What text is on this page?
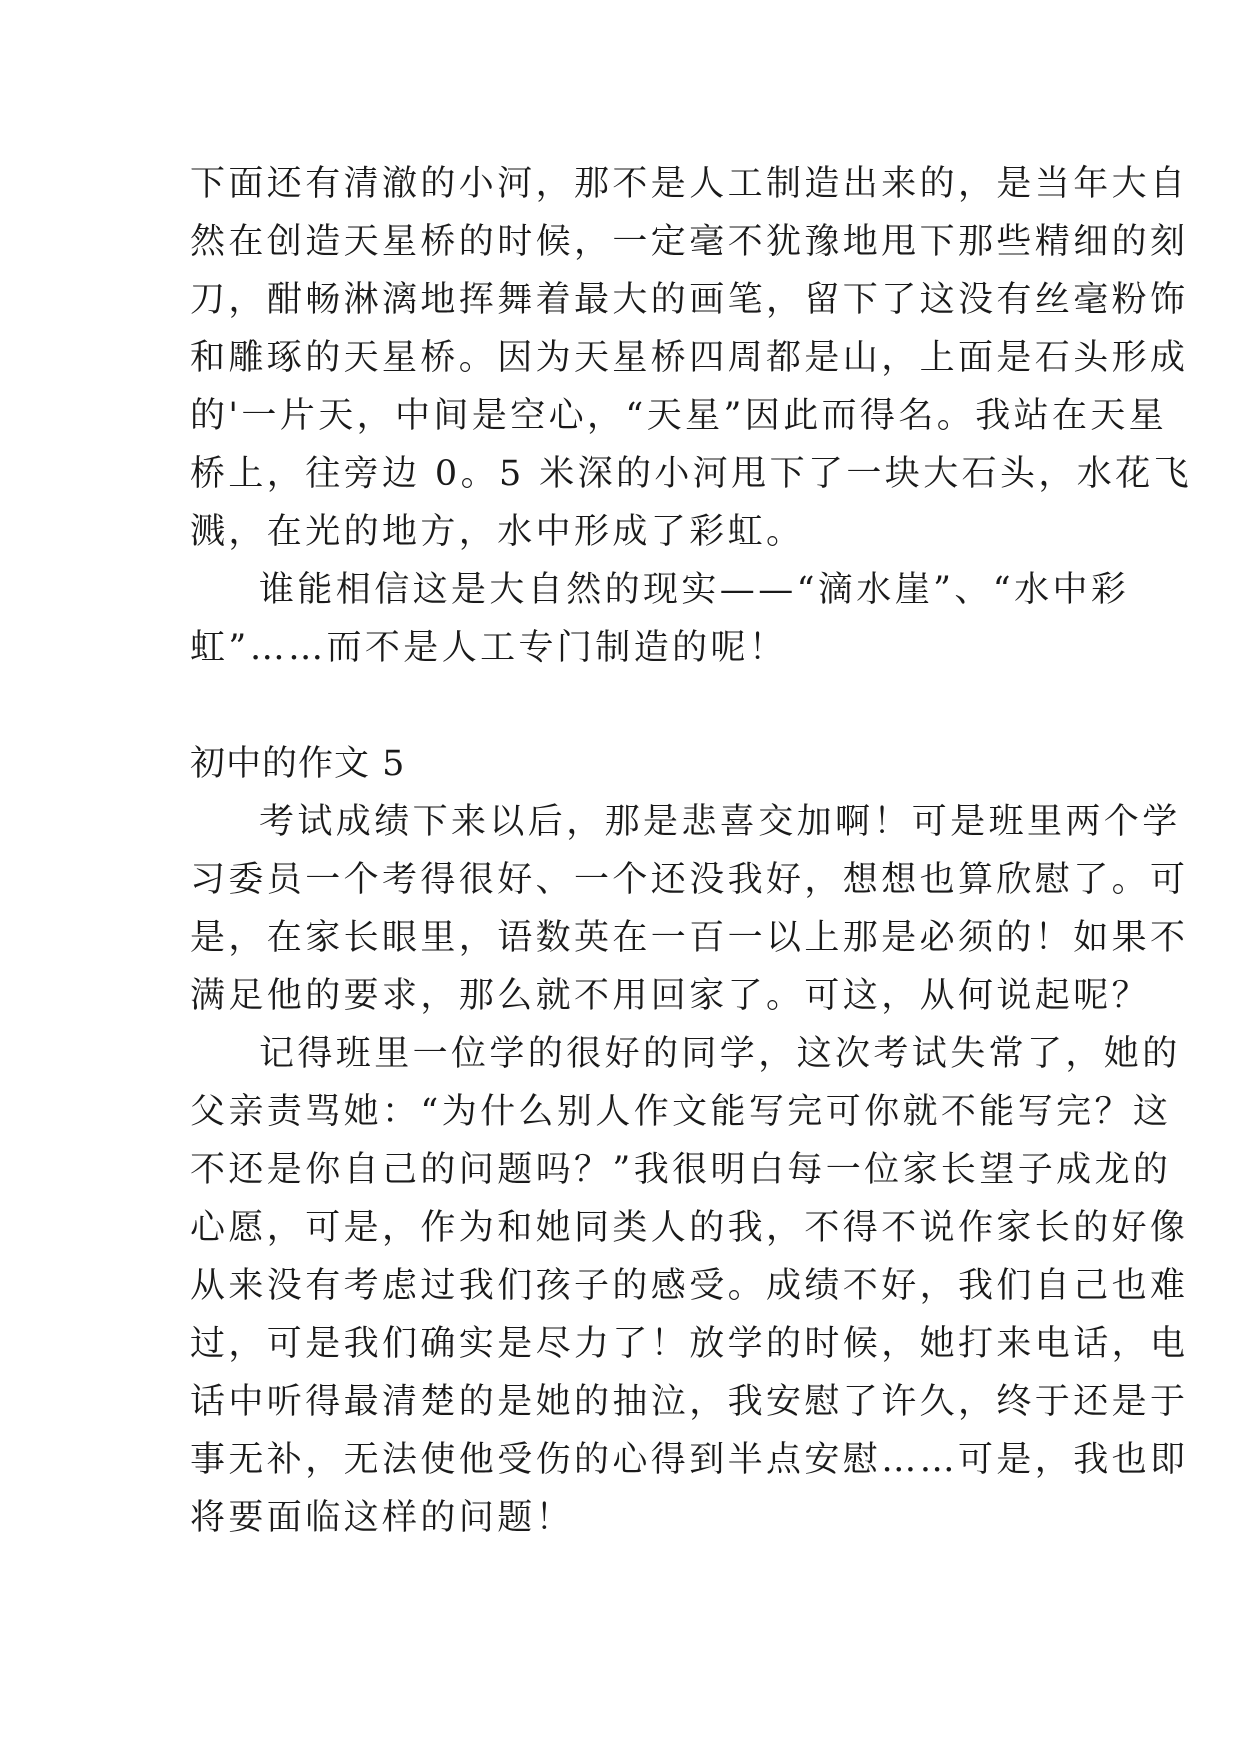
下面还有清澈的小河，那不是人工制造出来的，是当年大自
然在创造天星桥的时候，一定毫不犹豫地甩下那些精细的刻
刀，酣畅淋漓地挥舞着最大的画笔，留下了这没有丝毫粉饰
和雕琢的天星桥。因为天星桥四周都是山，上面是石头形成
的'一片天，中间是空心，“天星”因此而得名。我站在天星
桥上，往旁边 0。5 米深的小河甩下了一块大石头，水花飞
溅，在光的地方，水中形成了彩虹。
谁能相信这是大自然的现实——“滴水崖”、“水中彩
虹”……而不是人工专门制造的呢！
初中的作文 5
考试成绩下来以后，那是悲喜交加啊！可是班里两个学
习委员一个考得很好、一个还没我好，想想也算欣慰了。可
是，在家长眼里，语数英在一百一以上那是必须的！如果不
满足他的要求，那么就不用回家了。可这，从何说起呢？
记得班里一位学的很好的同学，这次考试失常了，她的
父亲责骂她：“为什么别人作文能写完可你就不能写完？这
不还是你自己的问题吗？”我很明白每一位家长望子成龙的
心愿，可是，作为和她同类人的我，不得不说作家长的好像
从来没有考虑过我们孩子的感受。成绩不好，我们自己也难
过，可是我们确实是尽力了！放学的时候，她打来电话，电
话中听得最清楚的是她的抽泣，我安慰了许久，终于还是于
事无补，无法使他受伤的心得到半点安慰……可是，我也即
将要面临这样的问题！
